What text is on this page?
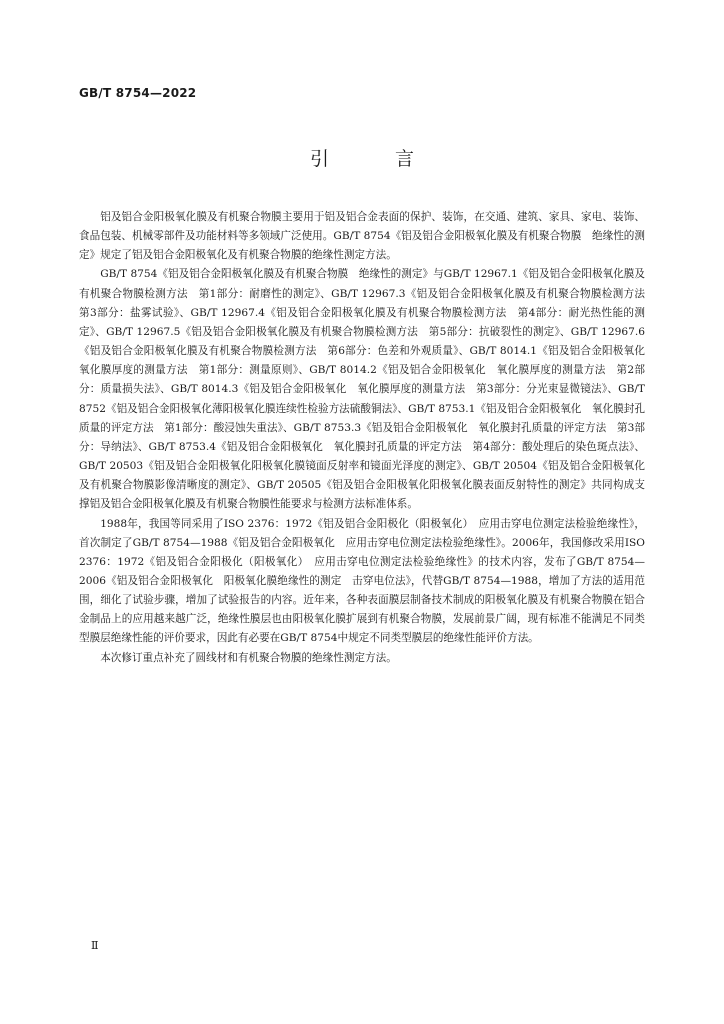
GB/T 8754—2022
引 言

铝及铝合金阳极氧化膜及有机聚合物膜主要用于铝及铝合金表面的保护、装饰，在交通、建筑、家具、家电、装饰、食品包装、机械零部件及功能材料等多领域广泛使用。GB/T 8754《铝及铝合金阳极氧化膜及有机聚合物膜　绝缘性的测定》规定了铝及铝合金阳极氧化及有机聚合物膜的绝缘性测定方法。

GB/T 8754《铝及铝合金阳极氧化膜及有机聚合物膜　绝缘性的测定》与GB/T 12967.1《铝及铝合金阳极氧化膜及有机聚合物膜检测方法　第1部分：耐磨性的测定》、GB/T 12967.3《铝及铝合金阳极氧化膜及有机聚合物膜检测方法　第3部分：盐雾试验》、GB/T 12967.4《铝及铝合金阳极氧化膜及有机聚合物膜检测方法　第4部分：耐光热性能的测定》、GB/T 12967.5《铝及铝合金阳极氧化膜及有机聚合物膜检测方法　第5部分：抗破裂性的测定》、GB/T 12967.6《铝及铝合金阳极氧化膜及有机聚合物膜检测方法　第6部分：色差和外观质量》、GB/T 8014.1《铝及铝合金阳极氧化　氧化膜厚度的测量方法　第1部分：测量原则》、GB/T 8014.2《铝及铝合金阳极氧化　氧化膜厚度的测量方法　第2部分：质量损失法》、GB/T 8014.3《铝及铝合金阳极氧化　氧化膜厚度的测量方法　第3部分：分光束显微镜法》、GB/T 8752《铝及铝合金阳极氧化薄阳极氧化膜连续性检验方法硫酸铜法》、GB/T 8753.1《铝及铝合金阳极氧化　氧化膜封孔质量的评定方法　第1部分：酸浸蚀失重法》、GB/T 8753.3《铝及铝合金阳极氧化　氧化膜封孔质量的评定方法　第3部分：导纳法》、GB/T 8753.4《铝及铝合金阳极氧化　氧化膜封孔质量的评定方法　第4部分：酸处理后的染色斑点法》、GB/T 20503《铝及铝合金阳极氧化阳极氧化膜镜面反射率和镜面光泽度的测定》、GB/T 20504《铝及铝合金阳极氧化及有机聚合物膜影像清晰度的测定》、GB/T 20505《铝及铝合金阳极氧化阳极氧化膜表面反射特性的测定》共同构成支撑铝及铝合金阳极氧化膜及有机聚合物膜性能要求与检测方法标准体系。

1988年，我国等同采用了ISO 2376：1972《铝及铝合金阳极化（阳极氧化）　应用击穿电位测定法检验绝缘性》，首次制定了GB/T 8754—1988《铝及铝合金阳极氧化　应用击穿电位测定法检验绝缘性》。2006年，我国修改采用ISO 2376：1972《铝及铝合金阳极化（阳极氧化）　应用击穿电位测定法检验绝缘性》的技术内容，发布了GB/T 8754—2006《铝及铝合金阳极氧化　阳极氧化膜绝缘性的测定　击穿电位法》，代替GB/T 8754—1988，增加了方法的适用范围，细化了试验步骤，增加了试验报告的内容。近年来，各种表面膜层制备技术制成的阳极氧化膜及有机聚合物膜在铝合金制品上的应用越来越广泛，绝缘性膜层也由阳极氧化膜扩展到有机聚合物膜，发展前景广阔，现有标准不能满足不同类型膜层绝缘性能的评价要求，因此有必要在GB/T 8754中规定不同类型膜层的绝缘性能评价方法。

本次修订重点补充了圆线材和有机聚合物膜的绝缘性测定方法。

Ⅱ
